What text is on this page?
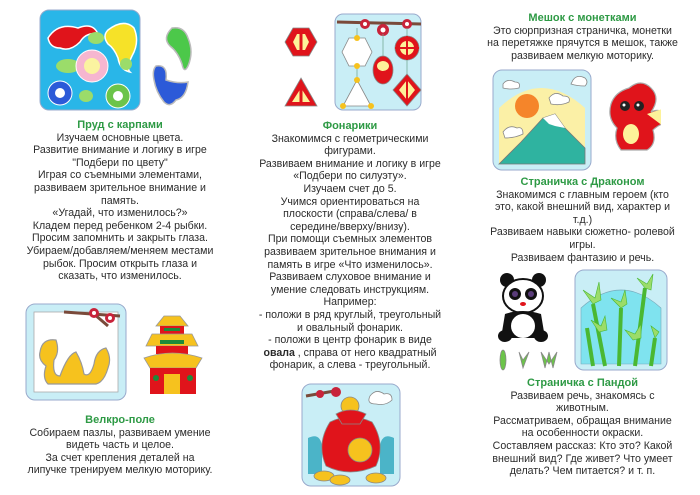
Пруд с карпами
Изучаем основные цвета.
Развитие внимание и логику в игре
"Подбери по цвету"
Играя со съемными элементами,
развиваем зрительное внимание и
память.
«Угадай, что изменилось?»
Кладем перед ребенком 2-4 рыбки.
Просим запомнить и закрыть глаза.
Убираем/добавляем/меняем местами
рыбок. Просим открыть глаза и
сказать, что изменилось.
Велкро-поле
Собираем пазлы, развиваем умение
видеть часть и целое.
За счет крепления деталей на
липучке тренируем мелкую моторику.
Фонарики
Знакомимся с геометрическими
фигурами.
Развиваем внимание и логику в игре
«Подбери по силуэту».
Изучаем счет до 5.
Учимся ориентироваться на
плоскости (справа/слева/ в
середине/вверху/внизу).
При помощи съемных элементов
развиваем зрительное внимания и
память в игре «Что изменилось».
Развиваем слуховое внимание и
умение следовать инструкциям.
Например:
- положи в ряд круглый, треугольный
и овальный фонарик.
- положи в центр фонарик в виде
овала , справа от него квадратный
фонарик, а слева - треугольный.
Мешок с монетками
Это сюрпризная страничка, монетки
на перетяжке прячутся в мешок, также
развиваем мелкую моторику.
Страничка с Драконом
Знакомимся с главным героем (кто
это, какой внешний вид, характер и
т.д.)
Развиваем навыки сюжетно- ролевой
игры.
Развиваем фантазию и речь.
Страничка с Пандой
Развиваем речь, знакомясь с
животным.
Рассматриваем, обращая внимание
на особенности окраски.
Составляем рассказ: Кто это? Какой
внешний вид? Где живет? Что умеет
делать? Чем питается? и т. п.
